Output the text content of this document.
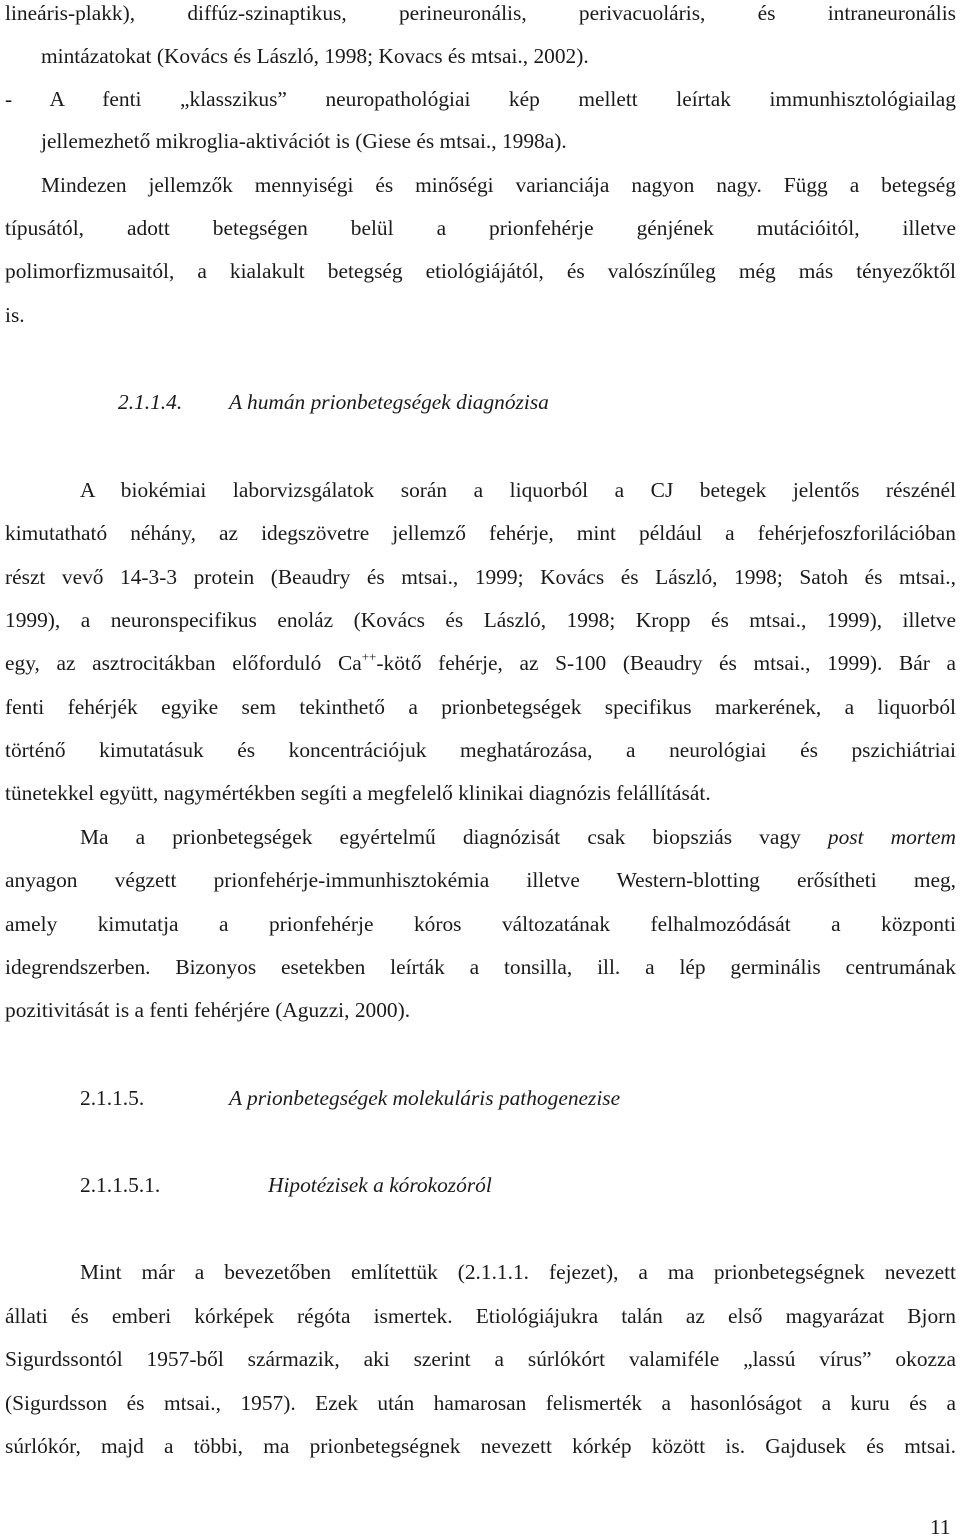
lineáris-plakk), diffúz-szinaptikus, perineuronális, perivacuoláris, és intraneuronális
mintázatokat (Kovács és László, 1998; Kovacs és mtsai., 2002).
- A fenti „klasszikus” neuropathológiai kép mellett leírtak immunhisztológiailag
jellemezhető mikroglia-aktivációt is (Giese és mtsai., 1998a).
Mindezen jellemzők mennyiségi és minőségi varianciája nagyon nagy. Függ a betegség
típusától, adott betegségen belül a prionfehérje génjének mutációitól, illetve
polimorfizmusaitól, a kialakult betegség etiológiájától, és valószínűleg még más tényezőktől
is.
2.1.1.4. A humán prionbetegségek diagnózisa
A biokémiai laborvizsgálatok során a liquorból a CJ betegek jelentős részénél
kimutatható néhány, az idegszövetre jellemző fehérje, mint például a fehérjefoszforilációban
részt vevő 14-3-3 protein (Beaudry és mtsai., 1999; Kovács és László, 1998; Satoh és mtsai.,
1999), a neuronspecifikus enoláz (Kovács és László, 1998; Kropp és mtsai., 1999), illetve
egy, az asztrocitákban előforduló Ca++-kötő fehérje, az S-100 (Beaudry és mtsai., 1999). Bár a
fenti fehérjék egyike sem tekinthető a prionbetegségek specifikus markerének, a liquorból
történő kimutatásuk és koncentrációjuk meghatározása, a neurológiai és pszichiátriai
tünetekkel együtt, nagymértékben segíti a megfelelő klinikai diagnózis felállítását.
Ma a prionbetegségek egyértelmű diagnózisát csak biopsziás vagy post mortem
anyagon végzett prionfehérje-immunhisztokémia illetve Western-blotting erősítheti meg,
amely kimutatja a prionfehérje kóros változatának felhalmozódását a központi
idegrendszerben. Bizonyos esetekben leírták a tonsilla, ill. a lép germinális centrumának
pozitivitását is a fenti fehérjére (Aguzzi, 2000).
2.1.1.5.	A prionbetegségek molekuláris pathogenezise
2.1.1.5.1.	Hipotézisek a kórokozóról
Mint már a bevezetőben említettük (2.1.1.1. fejezet), a ma prionbetegségnek nevezett
állati és emberi kórképek régóta ismertek. Etiológiájukra talán az első magyarázat Bjorn
Sigurdssontól 1957-ből származik, aki szerint a súrlókórt valamiféle „lassú vírus” okozza
(Sigurdsson és mtsai., 1957). Ezek után hamarosan felismerték a hasonlóságot a kuru és a
súrlókór, majd a többi, ma prionbetegségnek nevezett kórkép között is. Gajdusek és mtsai.
11
